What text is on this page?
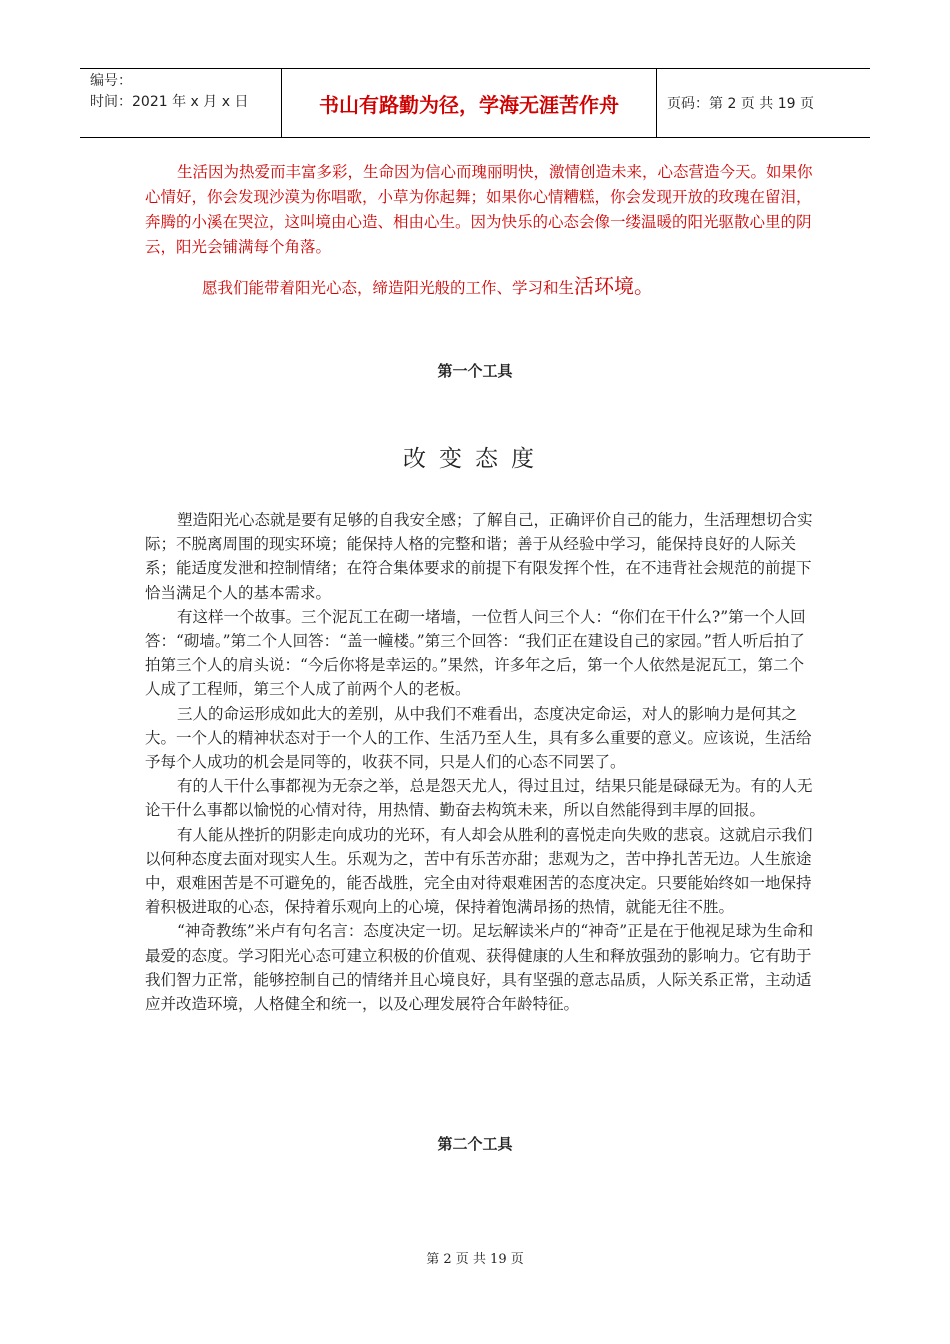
编号：
时间：2021 年 x 月 x 日	书山有路勤为径，学海无涯苦作舟	页码：第 2 页 共 19 页

生活因为热爱而丰富多彩，生命因为信心而瑰丽明快，激情创造未来，心态营造今天。如果你心情好，你会发现沙漠为你唱歌，小草为你起舞；如果你心情糟糕，你会发现开放的玫瑰在留泪，奔腾的小溪在哭泣，这叫境由心造、相由心生。因为快乐的心态会像一缕温暖的阳光驱散心里的阴云，阳光会铺满每个角落。

愿我们能带着阳光心态，缔造阳光般的工作、学习和生活环境。
第一个工具
改变态度

塑造阳光心态就是要有足够的自我安全感；了解自己，正确评价自己的能力，生活理想切合实际；不脱离周围的现实环境；能保持人格的完整和谐；善于从经验中学习，能保持良好的人际关系；能适度发泄和控制情绪；在符合集体要求的前提下有限发挥个性，在不违背社会规范的前提下恰当满足个人的基本需求。

有这样一个故事。三个泥瓦工在砌一堵墙，一位哲人问三个人：“你们在干什么?”第一个人回答：“砌墙。”第二个人回答：“盖一幢楼。”第三个回答：“我们正在建设自己的家园。”哲人听后拍了拍第三个人的肩头说：“今后你将是幸运的。”果然，许多年之后，第一个人依然是泥瓦工，第二个人成了工程师，第三个人成了前两个人的老板。

三人的命运形成如此大的差别，从中我们不难看出，态度决定命运，对人的影响力是何其之大。一个人的精神状态对于一个人的工作、生活乃至人生，具有多么重要的意义。应该说，生活给予每个人成功的机会是同等的，收获不同，只是人们的心态不同罢了。

有的人干什么事都视为无奈之举，总是怨天尤人，得过且过，结果只能是碌碌无为。有的人无论干什么事都以愉悦的心情对待，用热情、勤奋去构筑未来，所以自然能得到丰厚的回报。

有人能从挫折的阴影走向成功的光环，有人却会从胜利的喜悦走向失败的悲哀。这就启示我们以何种态度去面对现实人生。乐观为之，苦中有乐苦亦甜；悲观为之，苦中挣扎苦无边。人生旅途中，艰难困苦是不可避免的，能否战胜，完全由对待艰难困苦的态度决定。只要能始终如一地保持着积极进取的心态，保持着乐观向上的心境，保持着饱满昂扬的热情，就能无往不胜。

“神奇教练”米卢有句名言：态度决定一切。足坛解读米卢的“神奇”正是在于他视足球为生命和最爱的态度。学习阳光心态可建立积极的价值观、获得健康的人生和释放强劲的影响力。它有助于我们智力正常，能够控制自己的情绪并且心境良好，具有坚强的意志品质，人际关系正常，主动适应并改造环境，人格健全和统一，以及心理发展符合年龄特征。

第二个工具
第 2 页 共 19 页
